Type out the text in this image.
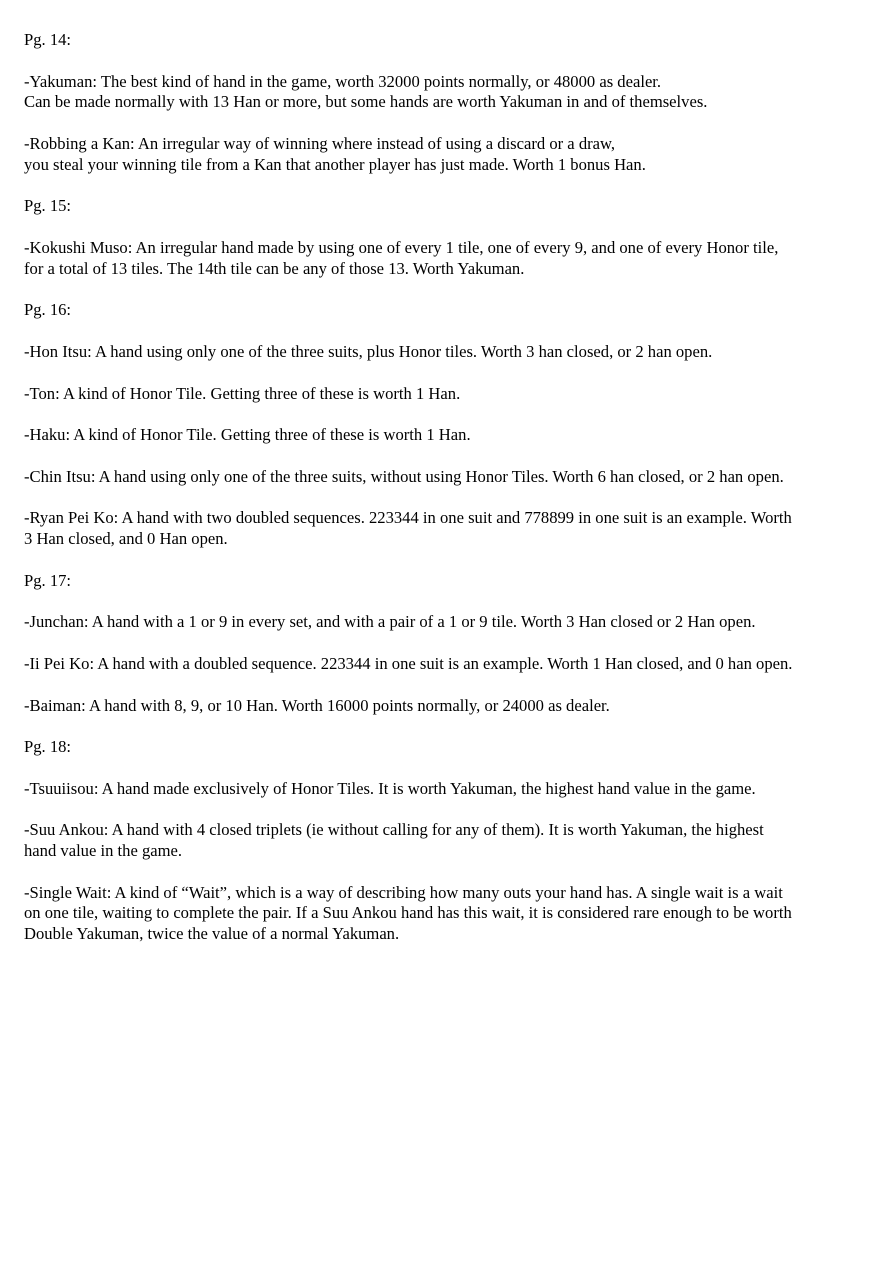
Pg. 14:
-Yakuman: The best kind of hand in the game, worth 32000 points normally, or 48000 as dealer.
Can be made normally with 13 Han or more, but some hands are worth Yakuman in and of themselves.
-Robbing a Kan: An irregular way of winning where instead of using a discard or a draw,
you steal your winning tile from a Kan that another player has just made. Worth 1 bonus Han.
Pg. 15:
-Kokushi Muso: An irregular hand made by using one of every 1 tile, one of every 9, and one of every Honor tile,
for a total of 13 tiles. The 14th tile can be any of those 13. Worth Yakuman.
Pg. 16:
-Hon Itsu: A hand using only one of the three suits, plus Honor tiles. Worth 3 han closed, or 2 han open.
-Ton: A kind of Honor Tile. Getting three of these is worth 1 Han.
-Haku: A kind of Honor Tile. Getting three of these is worth 1 Han.
-Chin Itsu: A hand using only one of the three suits, without using Honor Tiles. Worth 6 han closed, or 2 han open.
-Ryan Pei Ko: A hand with two doubled sequences. 223344 in one suit and 778899 in one suit is an example. Worth
3 Han closed, and 0 Han open.
Pg. 17:
-Junchan: A hand with a 1 or 9 in every set, and with a pair of a 1 or 9 tile. Worth 3 Han closed or 2 Han open.
-Ii Pei Ko: A hand with a doubled sequence. 223344 in one suit is an example. Worth 1 Han closed, and 0 han open.
-Baiman: A hand with 8, 9, or 10 Han. Worth 16000 points normally, or 24000 as dealer.
Pg. 18:
-Tsuuiisou: A hand made exclusively of Honor Tiles. It is worth Yakuman, the highest hand value in the game.
-Suu Ankou: A hand with 4 closed triplets (ie without calling for any of them). It is worth Yakuman, the highest
hand value in the game.
-Single Wait: A kind of “Wait”, which is a way of describing how many outs your hand has. A single wait is a wait
on one tile, waiting to complete the pair. If a Suu Ankou hand has this wait, it is considered rare enough to be worth
Double Yakuman, twice the value of a normal Yakuman.
